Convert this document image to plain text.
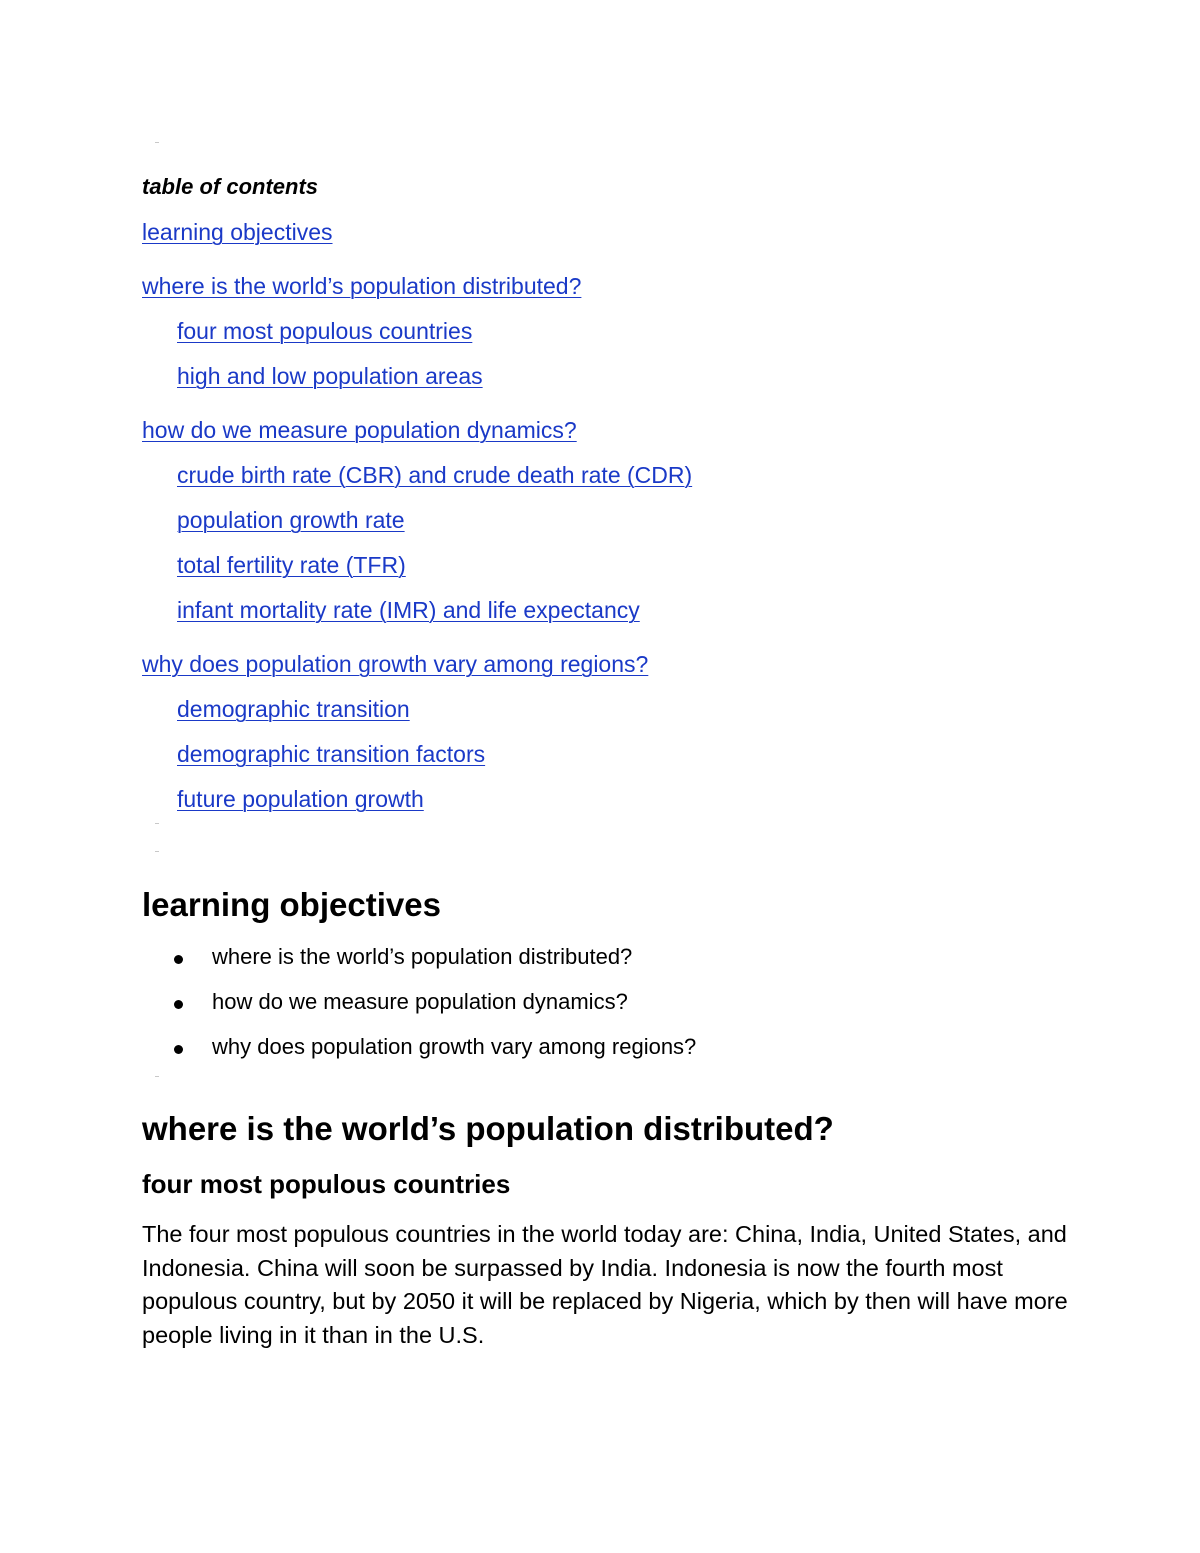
table of contents
learning objectives
where is the world’s population distributed?
four most populous countries
high and low population areas
how do we measure population dynamics?
crude birth rate (CBR) and crude death rate (CDR)
population growth rate
total fertility rate (TFR)
infant mortality rate (IMR) and life expectancy
why does population growth vary among regions?
demographic transition
demographic transition factors
future population growth
learning objectives
where is the world’s population distributed?
how do we measure population dynamics?
why does population growth vary among regions?
where is the world’s population distributed?
four most populous countries
The four most populous countries in the world today are: China, India, United States, and Indonesia. China will soon be surpassed by India. Indonesia is now the fourth most populous country, but by 2050 it will be replaced by Nigeria, which by then will have more people living in it than in the U.S.
